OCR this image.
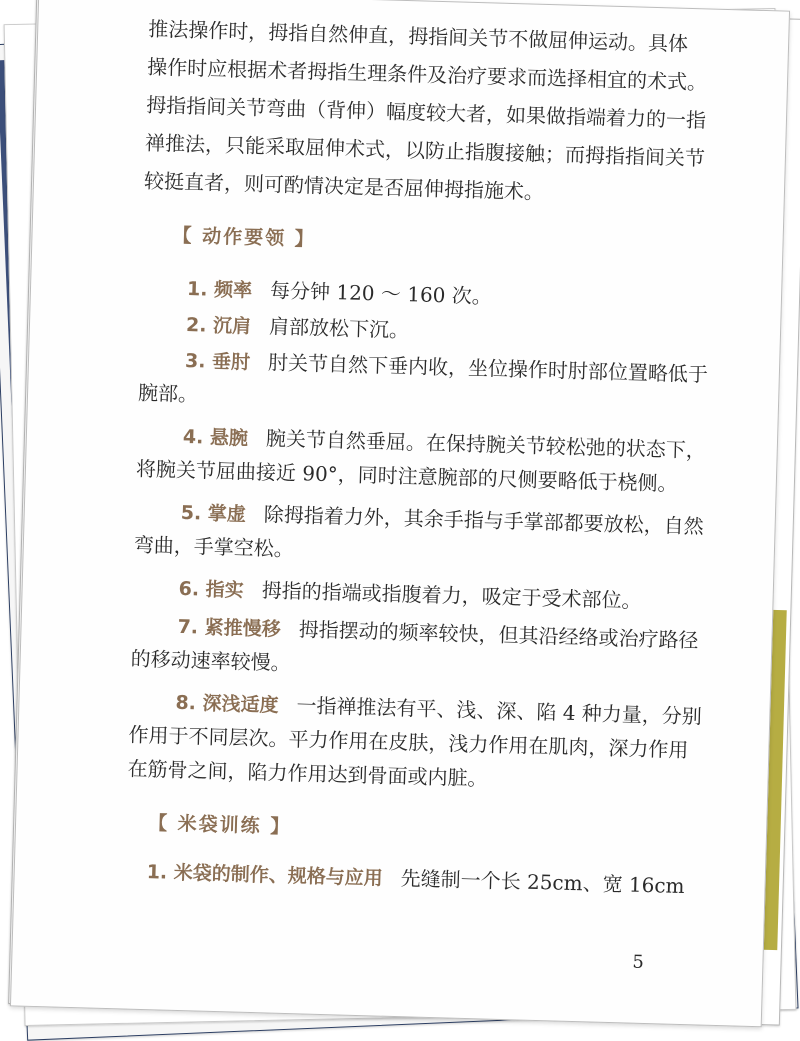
推法操作时，拇指自然伸直，拇指间关节不做屈伸运动。具体
操作时应根据术者拇指生理条件及治疗要求而选择相宜的术式。
拇指指间关节弯曲（背伸）幅度较大者，如果做指端着力的一指
禅推法，只能采取屈伸术式，以防止指腹接触；而拇指指间关节
较挺直者，则可酌情决定是否屈伸拇指施术。
【 动作要领 】
1. 频率 每分钟 120 ～ 160 次。
2. 沉肩 肩部放松下沉。
3. 垂肘 肘关节自然下垂内收，坐位操作时肘部位置略低于
腕部。
4. 悬腕 腕关节自然垂屈。在保持腕关节较松弛的状态下，
将腕关节屈曲接近 90°，同时注意腕部的尺侧要略低于桡侧。
5. 掌虚 除拇指着力外，其余手指与手掌部都要放松，自然
弯曲，手掌空松。
6. 指实 拇指的指端或指腹着力，吸定于受术部位。
7. 紧推慢移 拇指摆动的频率较快，但其沿经络或治疗路径
的移动速率较慢。
8. 深浅适度 一指禅推法有平、浅、深、陷 4 种力量，分别
作用于不同层次。平力作用在皮肤，浅力作用在肌肉，深力作用
在筋骨之间，陷力作用达到骨面或内脏。
【 米袋训练 】
1. 米袋的制作、规格与应用 先缝制一个长 25cm、宽 16cm
5
